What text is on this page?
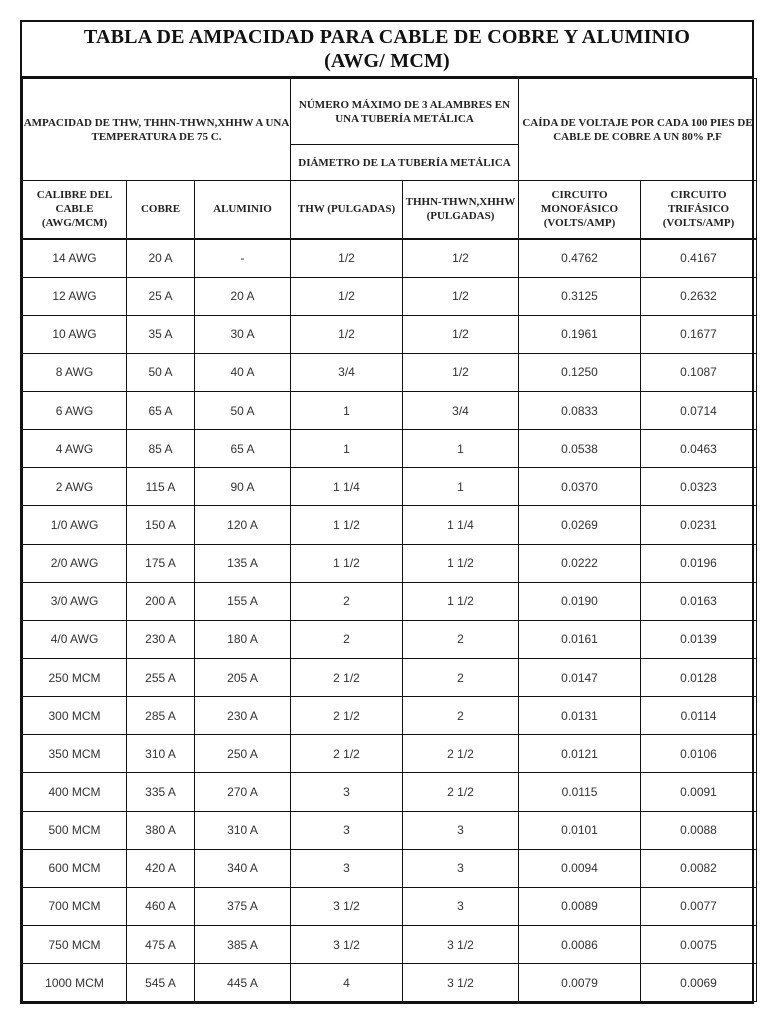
TABLA DE AMPACIDAD PARA CABLE DE COBRE Y ALUMINIO
(AWG/ MCM)
AMPACIDAD DE THW, THHN-THWN,XHHW A UNA TEMPERATURA DE 75 C.			NÚMERO MÁXIMO DE 3 ALAMBRES EN UNA TUBERÍA METÁLICA		CAÍDA DE VOLTAJE POR CADA 100 PIES DE CABLE DE COBRE A UN 80% P.F	
			DIÁMETRO DE LA TUBERÍA METÁLICA			
CALIBRE DEL CABLE (AWG/MCM)	COBRE	ALUMINIO	THW (PULGADAS)	THHN-THWN,XHHW (PULGADAS)	CIRCUITO MONOFÁSICO (VOLTS/AMP)	CIRCUITO TRIFÁSICO (VOLTS/AMP)
14 AWG	20 A	-	1/2	1/2	0.4762	0.4167
12 AWG	25 A	20 A	1/2	1/2	0.3125	0.2632
10 AWG	35 A	30 A	1/2	1/2	0.1961	0.1677
8 AWG	50 A	40 A	3/4	1/2	0.1250	0.1087
6 AWG	65 A	50 A	1	3/4	0.0833	0.0714
4 AWG	85 A	65 A	1	1	0.0538	0.0463
2 AWG	115 A	90 A	1 1/4	1	0.0370	0.0323
1/0 AWG	150 A	120 A	1 1/2	1 1/4	0.0269	0.0231
2/0 AWG	175 A	135 A	1 1/2	1 1/2	0.0222	0.0196
3/0 AWG	200 A	155 A	2	1 1/2	0.0190	0.0163
4/0 AWG	230 A	180 A	2	2	0.0161	0.0139
250 MCM	255 A	205 A	2 1/2	2	0.0147	0.0128
300 MCM	285 A	230 A	2 1/2	2	0.0131	0.0114
350 MCM	310 A	250 A	2 1/2	2 1/2	0.0121	0.0106
400 MCM	335 A	270 A	3	2 1/2	0.0115	0.0091
500 MCM	380 A	310 A	3	3	0.0101	0.0088
600 MCM	420 A	340 A	3	3	0.0094	0.0082
700 MCM	460 A	375 A	3 1/2	3	0.0089	0.0077
750 MCM	475 A	385 A	3 1/2	3 1/2	0.0086	0.0075
1000 MCM	545 A	445 A	4	3 1/2	0.0079	0.0069
